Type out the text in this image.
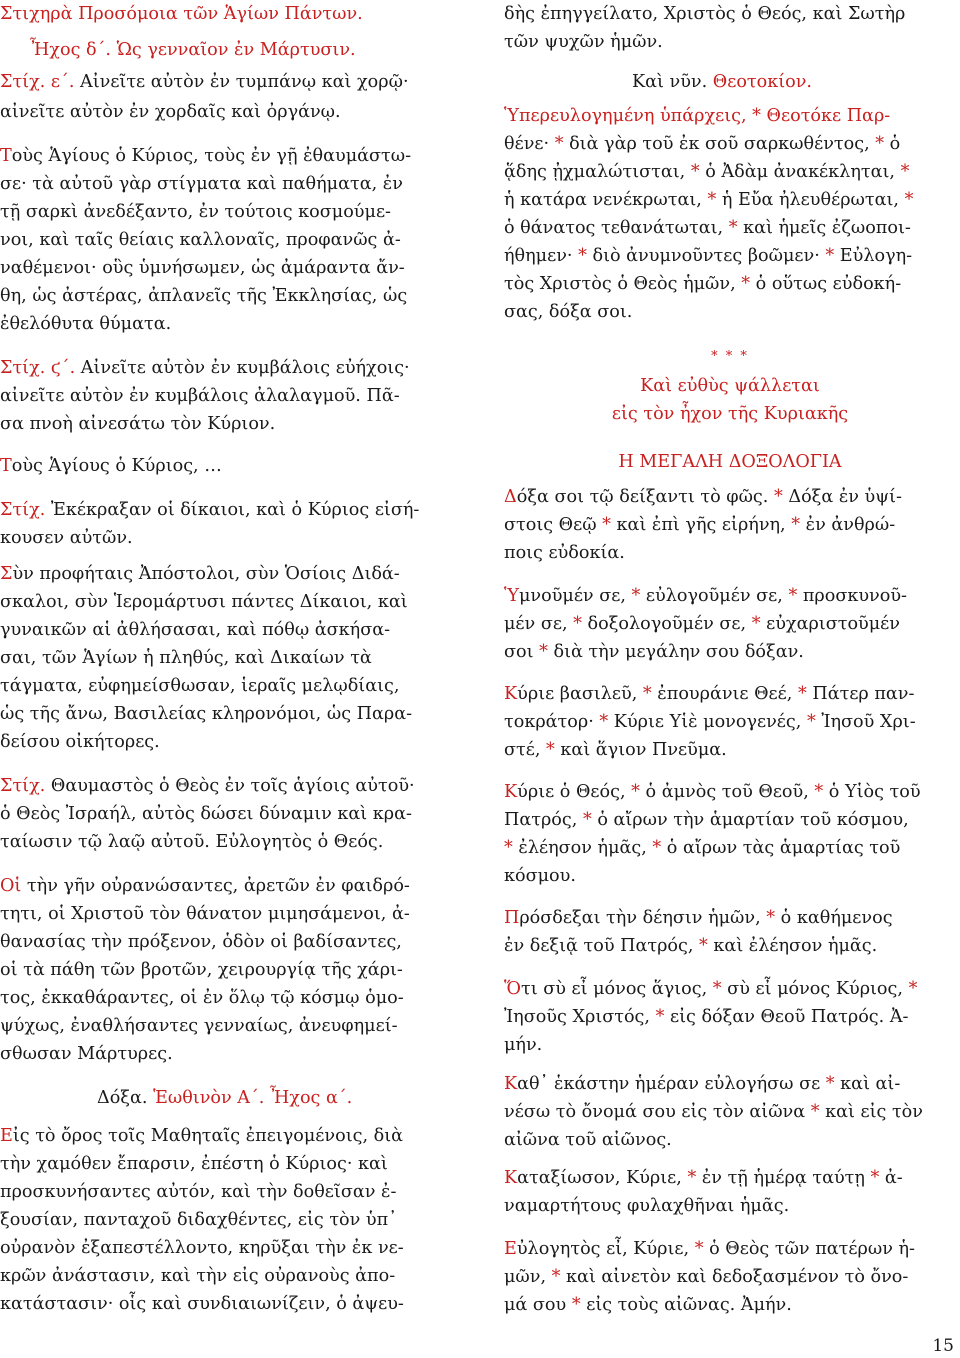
Στιχηρὰ Προσόμοια τῶν Ἁγίων Πάντων.
Ἦχος δ΄. Ὡς γενναῖον ἐν Μάρτυσιν.
Στίχ. ε΄. Αἰνεῖτε αὐτὸν ἐν τυμπάνῳ καὶ χορῷ·
αἰνεῖτε αὐτὸν ἐν χορδαῖς καὶ ὀργάνῳ.
Τοὺς Ἁγίους ὁ Κύριος, τοὺς ἐν γῇ ἐθαυμάστω-
σε· τὰ αὐτοῦ γὰρ στίγματα καὶ παθήματα, ἐν
τῇ σαρκὶ ἀνεδέξαντο, ἐν τούτοις κοσμούμε-
νοι, καὶ ταῖς θείαις καλλοναῖς, προφανῶς ἀ-
ναθέμενοι· οὓς ὑμνήσωμεν, ὡς ἀμάραντα ἄν-
θη, ὡς ἀστέρας, ἀπλανεῖς τῆς Ἐκκλησίας, ὡς
ἐθελόθυτα θύματα.
Στίχ. ϛ΄. Αἰνεῖτε αὐτὸν ἐν κυμβάλοις εὐήχοις·
αἰνεῖτε αὐτὸν ἐν κυμβάλοις ἀλαλαγμοῦ. Πᾶ-
σα πνοὴ αἰνεσάτω τὸν Κύριον.
Τοὺς Ἁγίους ὁ Κύριος, …
Στίχ. Ἐκέκραξαν οἱ δίκαιοι, καὶ ὁ Κύριος εἰσή-
κουσεν αὐτῶν.
Σὺν προφήταις Ἀπόστολοι, σὺν Ὁσίοις Διδά-
σκαλοι, σὺν Ἱερομάρτυσι πάντες Δίκαιοι, καὶ
γυναικῶν αἱ ἀθλήσασαι, καὶ πόθῳ ἀσκήσα-
σαι, τῶν Ἁγίων ἡ πληθύς, καὶ Δικαίων τὰ
τάγματα, εὐφημείσθωσαν, ἱεραῖς μελῳδίαις,
ὡς τῆς ἄνω, Βασιλείας κληρονόμοι, ὡς Παρα-
δείσου οἰκήτορες.
Στίχ. Θαυμαστὸς ὁ Θεὸς ἐν τοῖς ἁγίοις αὐτοῦ·
ὁ Θεὸς Ἰσραήλ, αὐτὸς δώσει δύναμιν καὶ κρα-
ταίωσιν τῷ λαῷ αὐτοῦ. Εὐλογητὸς ὁ Θεός.
Οἱ τὴν γῆν οὐρανώσαντες, ἀρετῶν ἐν φαιδρό-
τητι, οἱ Χριστοῦ τὸν θάνατον μιμησάμενοι, ἀ-
θανασίας τὴν πρόξενον, ὁδὸν οἱ βαδίσαντες,
οἱ τὰ πάθη τῶν βροτῶν, χειρουργίᾳ τῆς χάρι-
τος, ἐκκαθάραντες, οἱ ἐν ὅλῳ τῷ κόσμῳ ὁμο-
ψύχως, ἐναθλήσαντες γενναίως, ἀνευφημεί-
σθωσαν Μάρτυρες.
Δόξα. Ἑωθινὸν Α΄. Ἦχος α΄.
Εἰς τὸ ὄρος τοῖς Μαθηταῖς ἐπειγομένοις, διὰ
τὴν χαμόθεν ἔπαρσιν, ἐπέστη ὁ Κύριος· καὶ
προσκυνήσαντες αὐτόν, καὶ τὴν δοθεῖσαν ἐ-
ξουσίαν, πανταχοῦ διδαχθέντες, εἰς τὸν ὑπ᾽
οὐρανὸν ἐξαπεστέλλοντο, κηρῦξαι τὴν ἐκ νε-
κρῶν ἀνάστασιν, καὶ τὴν εἰς οὐρανοὺς ἀπο-
κατάστασιν· οἷς καὶ συνδιαιωνίζειν, ὁ ἀψευ-
δὴς ἐπηγγείλατο, Χριστὸς ὁ Θεός, καὶ Σωτὴρ
τῶν ψυχῶν ἡμῶν.
Καὶ νῦν. Θεοτοκίον.
Ὑπερευλογημένη ὑπάρχεις, * Θεοτόκε Παρ-
θένε· * διὰ γὰρ τοῦ ἐκ σοῦ σαρκωθέντος, * ὁ
ᾅδης ᾐχμαλώτισται, * ὁ Ἀδὰμ ἀνακέκληται, *
ἡ κατάρα νενέκρωται, * ἡ Εὔα ἠλευθέρωται, *
ὁ θάνατος τεθανάτωται, * καὶ ἡμεῖς ἐζωοποι-
ήθημεν· * διὸ ἀνυμνοῦντες βοῶμεν· * Εὐλογη-
τὸς Χριστὸς ὁ Θεὸς ἡμῶν, * ὁ οὕτως εὐδοκή-
σας, δόξα σοι.
* * *
Καὶ εὐθὺς ψάλλεται
εἰς τὸν ἦχον τῆς Κυριακῆς
Η ΜΕΓΑΛΗ ΔΟΞΟΛΟΓΙΑ
Δόξα σοι τῷ δείξαντι τὸ φῶς. * Δόξα ἐν ὑψί-
στοις Θεῷ * καὶ ἐπὶ γῆς εἰρήνη, * ἐν ἀνθρώ-
ποις εὐδοκία.
Ὑμνοῦμέν σε, * εὐλογοῦμέν σε, * προσκυνοῦ-
μέν σε, * δοξολογοῦμέν σε, * εὐχαριστοῦμέν
σοι * διὰ τὴν μεγάλην σου δόξαν.
Κύριε βασιλεῦ, * ἐπουράνιε Θεέ, * Πάτερ παν-
τοκράτορ· * Κύριε Υἱὲ μονογενές, * Ἰησοῦ Χρι-
στέ, * καὶ ἅγιον Πνεῦμα.
Κύριε ὁ Θεός, * ὁ ἀμνὸς τοῦ Θεοῦ, * ὁ Υἱὸς τοῦ
Πατρός, * ὁ αἴρων τὴν ἁμαρτίαν τοῦ κόσμου,
* ἐλέησον ἡμᾶς, * ὁ αἴρων τὰς ἁμαρτίας τοῦ
κόσμου.
Πρόσδεξαι τὴν δέησιν ἡμῶν, * ὁ καθήμενος
ἐν δεξιᾷ τοῦ Πατρός, * καὶ ἐλέησον ἡμᾶς.
Ὅτι σὺ εἶ μόνος ἅγιος, * σὺ εἶ μόνος Κύριος, *
Ἰησοῦς Χριστός, * εἰς δόξαν Θεοῦ Πατρός. Ἀ-
μήν.
Καθ᾽ ἑκάστην ἡμέραν εὐλογήσω σε * καὶ αἰ-
νέσω τὸ ὄνομά σου εἰς τὸν αἰῶνα * καὶ εἰς τὸν
αἰῶνα τοῦ αἰῶνος.
Καταξίωσον, Κύριε, * ἐν τῇ ἡμέρᾳ ταύτῃ * ἀ-
ναμαρτήτους φυλαχθῆναι ἡμᾶς.
Εὐλογητὸς εἶ, Κύριε, * ὁ Θεὸς τῶν πατέρων ἡ-
μῶν, * καὶ αἰνετὸν καὶ δεδοξασμένον τὸ ὄνο-
μά σου * εἰς τοὺς αἰῶνας. Ἀμήν.
15
